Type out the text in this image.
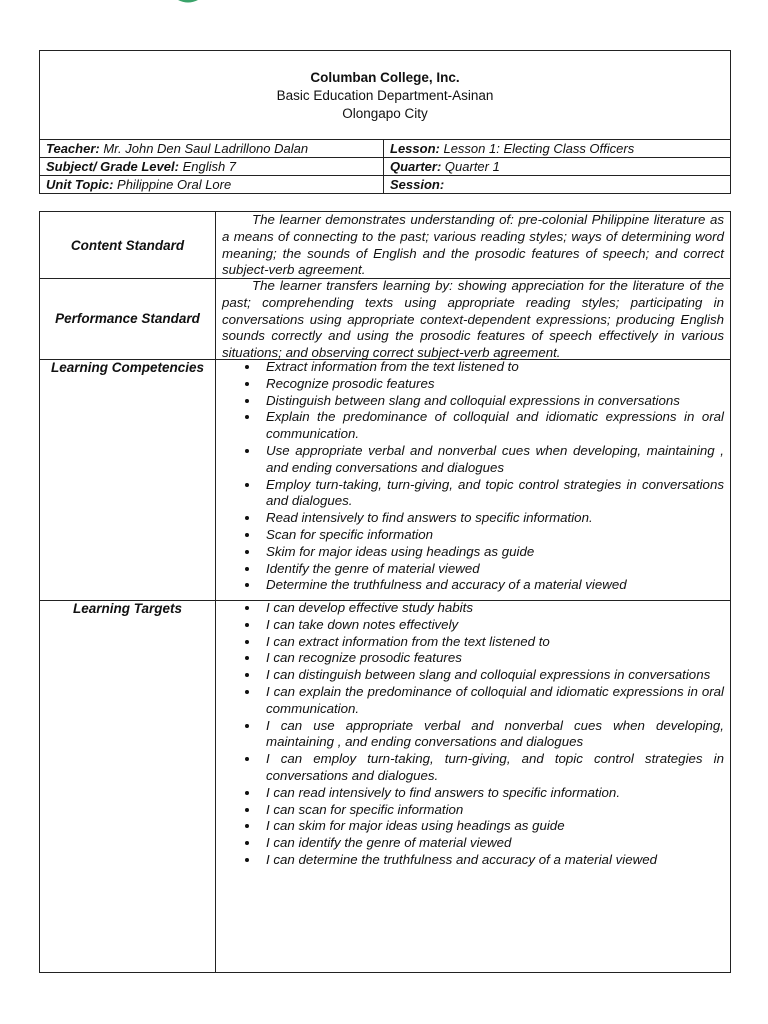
Columban College, Inc.
Basic Education Department-Asinan
Olongapo City
Teacher: Mr. John Den Saul Ladrillono Dalan	Lesson: Lesson 1: Electing Class Officers
Subject/ Grade Level: English 7	Quarter: Quarter 1
Unit Topic: Philippine Oral Lore	Session:
Content Standard
The learner demonstrates understanding of: pre-colonial Philippine literature as a means of connecting to the past; various reading styles; ways of determining word meaning; the sounds of English and the prosodic features of speech; and correct subject-verb agreement.
Performance Standard
The learner transfers learning by: showing appreciation for the literature of the past; comprehending texts using appropriate reading styles; participating in conversations using appropriate context-dependent expressions; producing English sounds correctly and using the prosodic features of speech effectively in various situations; and observing correct subject-verb agreement.
Learning Competencies	• Extract information from the text listened to
• Recognize prosodic features
• Distinguish between slang and colloquial expressions in conversations
• Explain the predominance of colloquial and idiomatic expressions in oral communication.
• Use appropriate verbal and nonverbal cues when developing, maintaining , and ending conversations and dialogues
• Employ turn-taking, turn-giving, and topic control strategies in conversations and dialogues.
• Read intensively to find answers to specific information.
• Scan for specific information
• Skim for major ideas using headings as guide
• Identify the genre of material viewed
• Determine the truthfulness and accuracy of a material viewed
Learning Targets	• I can develop effective study habits
• I can take down notes effectively
• I can extract information from the text listened to
• I can recognize prosodic features
• I can distinguish between slang and colloquial expressions in conversations
• I can explain the predominance of colloquial and idiomatic expressions in oral communication.
• I can use appropriate verbal and nonverbal cues when developing, maintaining , and ending conversations and dialogues
• I can employ turn-taking, turn-giving, and topic control strategies in conversations and dialogues.
• I can read intensively to find answers to specific information.
• I can scan for specific information
• I can skim for major ideas using headings as guide
• I can identify the genre of material viewed
• I can determine the truthfulness and accuracy of a material viewed
